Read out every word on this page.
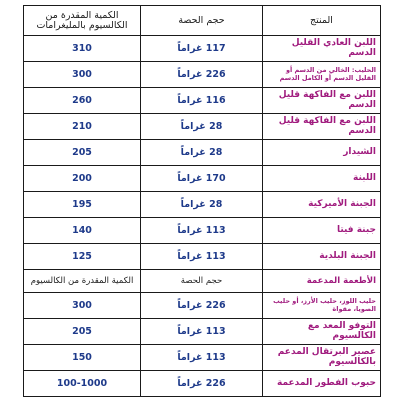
المنتج	حجم الحصة	الكمية المقدرة من الكالسيوم بالمليغرامات
اللبن العادي القليل الدسم	117 غراماً	310
الحليب: الخالي من الدسم أو القليل الدسم أو الكامل الدسم	226 غراماً	300
اللبن مع الفاكهة قليل الدسم	116 غراماً	260
اللبن مع الفاكهة قليل الدسم	28 غراماً	210
الشيدار	28 غراماً	205
اللبنة	170 غراماً	200
الجبنة الأميركية	28 غراماً	195
جبنة فيتا	113 غراماً	140
الجبنة البلدية	113 غراماً	125
الأطعمة المدعمة	حجم الحصة	الكمية المقدرة من الكالسيوم
حليب اللوز، حليب الأرز، أو حليب الصويا، مقواة	226 غراماً	300
التوفو المعد مع الكالسيوم	113 غراماً	205
عصير البرتقال المدعم بالكالسيوم	113 غراماً	150
حبوب الفطور المدعمة	226 غراماً	100-1000
